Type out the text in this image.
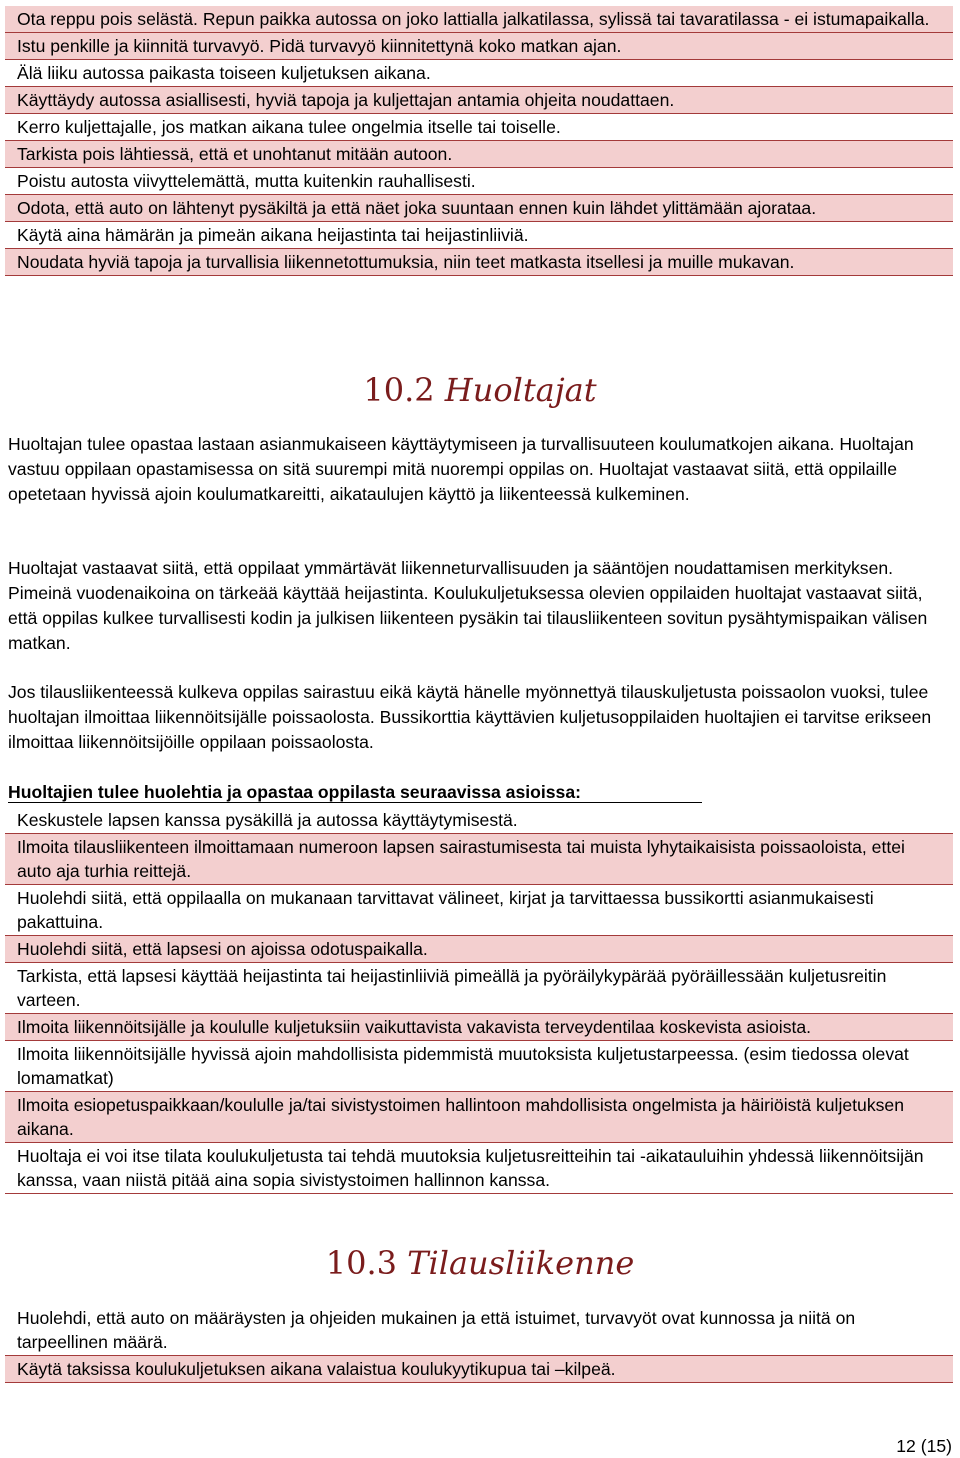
Ota reppu pois selästä. Repun paikka autossa on joko lattialla jalkatilassa, sylissä tai tavaratilassa - ei istumapaikalla.
Istu penkille ja kiinnitä turvavyö. Pidä turvavyö kiinnitettynä koko matkan ajan.
Älä liiku autossa paikasta toiseen kuljetuksen aikana.
Käyttäydy autossa asiallisesti, hyviä tapoja ja kuljettajan antamia ohjeita noudattaen.
Kerro kuljettajalle, jos matkan aikana tulee ongelmia itselle tai toiselle.
Tarkista pois lähtiessä, että et unohtanut mitään autoon.
Poistu autosta viivyttelemättä, mutta kuitenkin rauhallisesti.
Odota, että auto on lähtenyt pysäkiltä ja että näet joka suuntaan ennen kuin lähdet ylittämään ajorataa.
Käytä aina hämärän ja pimeän aikana heijastinta tai heijastinliiviä.
Noudata hyviä tapoja ja turvallisia liikennetottumuksia, niin teet matkasta itsellesi ja muille mukavan.
10.2 Huoltajat

Huoltajan tulee opastaa lastaan asianmukaiseen käyttäytymiseen ja turvallisuuteen koulumatkojen aikana. Huoltajan vastuu oppilaan opastamisessa on sitä suurempi mitä nuorempi oppilas on. Huoltajat vastaavat siitä, että oppilaille opetetaan hyvissä ajoin koulumatkareitti, aikataulujen käyttö ja liikenteessä kulkeminen.

Huoltajat vastaavat siitä, että oppilaat ymmärtävät liikenneturvallisuuden ja sääntöjen noudattamisen merkityksen. Pimeinä vuodenaikoina on tärkeää käyttää heijastinta. Koulukuljetuksessa olevien oppilaiden huoltajat vastaavat siitä, että oppilas kulkee turvallisesti kodin ja julkisen liikenteen pysäkin tai tilausliikenteen sovitun pysähtymispaikan välisen matkan.

Jos tilausliikenteessä kulkeva oppilas sairastuu eikä käytä hänelle myönnettyä tilauskuljetusta poissaolon vuoksi, tulee huoltajan ilmoittaa liikennöitsijälle poissaolosta. Bussikorttia käyttävien kuljetusoppilaiden huoltajien ei tarvitse erikseen ilmoittaa liikennöitsijöille oppilaan poissaolosta.

Huoltajien tulee huolehtia ja opastaa oppilasta seuraavissa asioissa:

Keskustele lapsen kanssa pysäkillä ja autossa käyttäytymisestä.
Ilmoita tilausliikenteen ilmoittamaan numeroon lapsen sairastumisesta tai muista lyhytaikaisista poissaoloista, ettei auto aja turhia reittejä.
Huolehdi siitä, että oppilaalla on mukanaan tarvittavat välineet, kirjat ja tarvittaessa bussikortti asianmukaisesti pakattuina.
Huolehdi siitä, että lapsesi on ajoissa odotuspaikalla.
Tarkista, että lapsesi käyttää heijastinta tai heijastinliiviä pimeällä ja pyöräilykypärää pyöräillessään kuljetusreitin varteen.
Ilmoita liikennöitsijälle ja koululle kuljetuksiin vaikuttavista vakavista terveydentilaa koskevista asioista.
Ilmoita liikennöitsijälle hyvissä ajoin mahdollisista pidemmistä muutoksista kuljetustarpeessa. (esim tiedossa olevat lomamatkat)
Ilmoita esiopetuspaikkaan/koululle ja/tai sivistystoimen hallintoon mahdollisista ongelmista ja häiriöistä kuljetuksen aikana.
Huoltaja ei voi itse tilata koulukuljetusta tai tehdä muutoksia kuljetusreitteihin tai -aikatauluihin yhdessä liikennöitsijän kanssa, vaan niistä pitää aina sopia sivistystoimen hallinnon kanssa.
10.3 Tilausliikenne
Huolehdi, että auto on määräysten ja ohjeiden mukainen ja että istuimet, turvavyöt ovat kunnossa ja niitä on tarpeellinen määrä.
Käytä taksissa koulukuljetuksen aikana valaistua koulukyytikupua tai –kilpeä.
12 (15)
